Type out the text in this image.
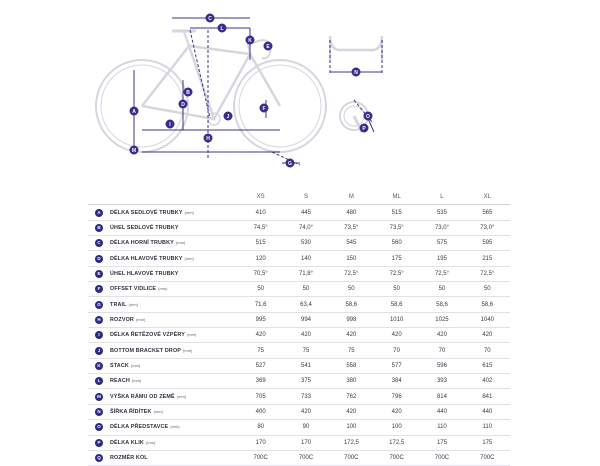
C
L
K
A
E
B
J
D
I
F
H
M
G
N
O
P
		XS	S	M	ML	L	XL
A	DÉLKA SEDLOVÉ TRUBKY (mm)	410	445	480	515	535	565
B	ÚHEL SEDLOVÉ TRUBKY	74,5°	74,0°	73,5°	73,5°	73,0°	73,0°
C	DÉLKA HORNÍ TRUBKY (mm)	515	530	545	560	575	595
D	DÉLKA HLAVOVÉ TRUBKY (mm)	120	140	150	175	195	215
E	ÚHEL HLAVOVÉ TRUBKY	70,5°	71,8°	72,5°	72,5°	72,5°	72,5°
F	OFFSET VIDLICE (mm)	50	50	50	50	50	50
G	TRAIL (mm)	71,6	63,4	58,6	58,6	58,6	58,6
H	ROZVOR (mm)	995	994	998	1010	1025	1040
I	DÉLKA ŘETĚZOVÉ VZPĚRY (mm)	420	420	420	420	420	420
J	BOTTOM BRACKET DROP (mm)	75	75	75	70	70	70
K	STACK (mm)	527	541	558	577	596	615
L	REACH (mm)	369	375	380	384	393	402
M	VÝŠKA RÁMU OD ZEMĚ (mm)	705	733	762	796	814	841
N	ŠÍŘKA ŘÍDÍTEK (mm)	400	420	420	420	440	440
O	DÉLKA PŘEDSTAVCE (mm)	80	90	100	100	110	110
P	DÉLKA KLIK (mm)	170	170	172,5	172,5	175	175
Q	ROZMĚR KOL	700C	700C	700C	700C	700C	700C
